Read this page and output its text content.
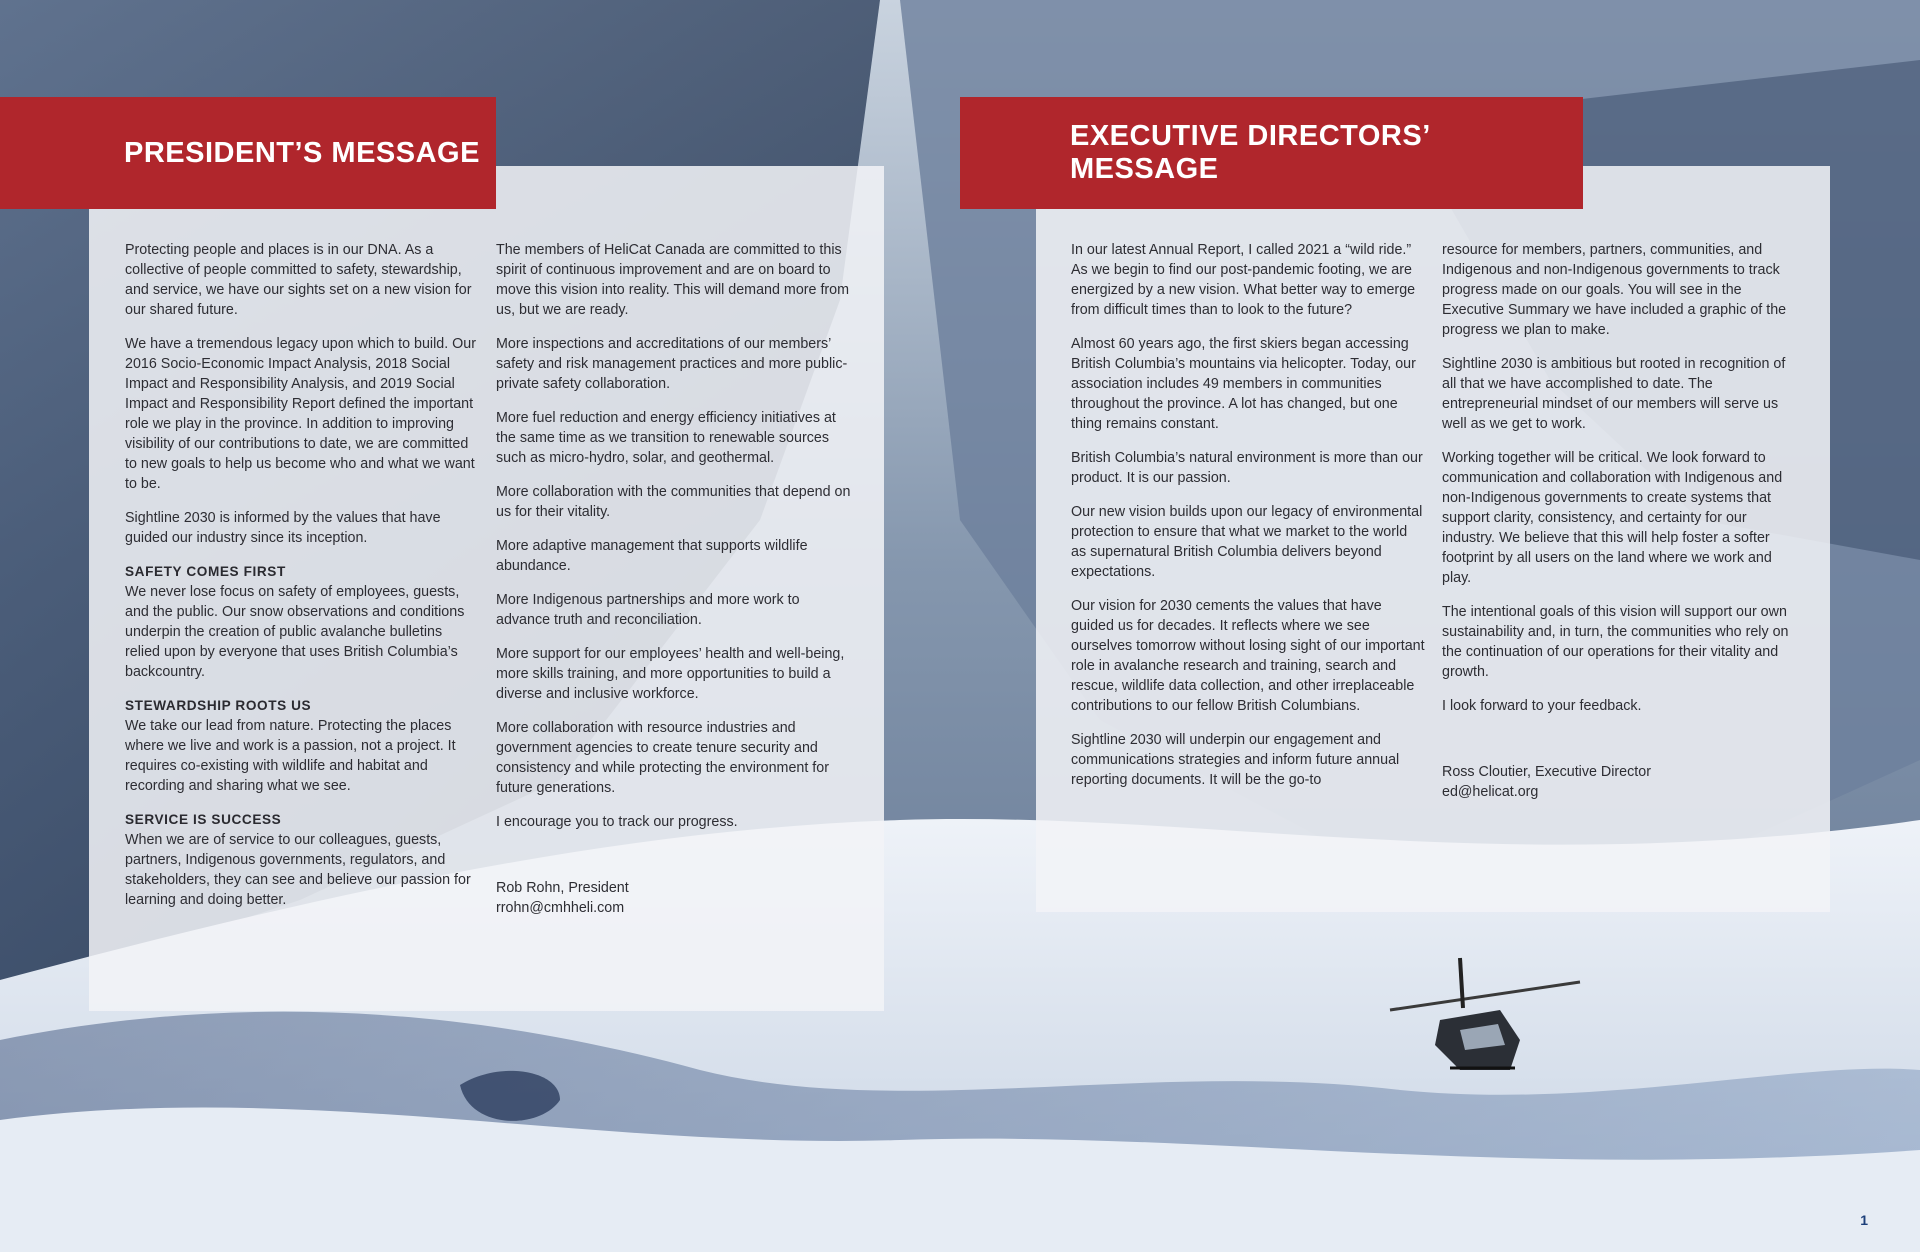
PRESIDENT’S MESSAGE

Protecting people and places is in our DNA. As a collective of people committed to safety, stewardship, and service, we have our sights set on a new vision for our shared future.

We have a tremendous legacy upon which to build. Our 2016 Socio-Economic Impact Analysis, 2018 Social Impact and Responsibility Analysis, and 2019 Social Impact and Responsibility Report defined the important role we play in the province. In addition to improving visibility of our contributions to date, we are committed to new goals to help us become who and what we want to be.

Sightline 2030 is informed by the values that have guided our industry since its inception.

SAFETY COMES FIRST

We never lose focus on safety of employees, guests, and the public. Our snow observations and conditions underpin the creation of public avalanche bulletins relied upon by everyone that uses British Columbia’s backcountry.

STEWARDSHIP ROOTS US

We take our lead from nature. Protecting the places where we live and work is a passion, not a project. It requires co-existing with wildlife and habitat and recording and sharing what we see.

SERVICE IS SUCCESS

When we are of service to our colleagues, guests, partners, Indigenous governments, regulators, and stakeholders, they can see and believe our passion for learning and doing better.

The members of HeliCat Canada are committed to this spirit of continuous improvement and are on board to move this vision into reality. This will demand more from us, but we are ready.

More inspections and accreditations of our members’ safety and risk management practices and more public-private safety collaboration.

More fuel reduction and energy efficiency initiatives at the same time as we transition to renewable sources such as micro-hydro, solar, and geothermal.

More collaboration with the communities that depend on us for their vitality.

More adaptive management that supports wildlife abundance.

More Indigenous partnerships and more work to advance truth and reconciliation.

More support for our employees’ health and well-being, more skills training, and more opportunities to build a diverse and inclusive workforce.

More collaboration with resource industries and government agencies to create tenure security and consistency and while protecting the environment for future generations.

I encourage you to track our progress.

Rob Rohn, President
rrohn@cmhheli.com

EXECUTIVE DIRECTORS’ MESSAGE

In our latest Annual Report, I called 2021 a “wild ride.” As we begin to find our post-pandemic footing, we are energized by a new vision. What better way to emerge from difficult times than to look to the future?

Almost 60 years ago, the first skiers began accessing British Columbia’s mountains via helicopter. Today, our association includes 49 members in communities throughout the province. A lot has changed, but one thing remains constant.

British Columbia’s natural environment is more than our product. It is our passion.

Our new vision builds upon our legacy of environmental protection to ensure that what we market to the world as supernatural British Columbia delivers beyond expectations.

Our vision for 2030 cements the values that have guided us for decades. It reflects where we see ourselves tomorrow without losing sight of our important role in avalanche research and training, search and rescue, wildlife data collection, and other irreplaceable contributions to our fellow British Columbians.

Sightline 2030 will underpin our engagement and communications strategies and inform future annual reporting documents. It will be the go-to

resource for members, partners, communities, and Indigenous and non-Indigenous governments to track progress made on our goals. You will see in the Executive Summary we have included a graphic of the progress we plan to make.

Sightline 2030 is ambitious but rooted in recognition of all that we have accomplished to date. The entrepreneurial mindset of our members will serve us well as we get to work.

Working together will be critical. We look forward to communication and collaboration with Indigenous and non-Indigenous governments to create systems that support clarity, consistency, and certainty for our industry. We believe that this will help foster a softer footprint by all users on the land where we work and play.

The intentional goals of this vision will support our own sustainability and, in turn, the communities who rely on the continuation of our operations for their vitality and growth.

I look forward to your feedback.

Ross Cloutier, Executive Director
ed@helicat.org

1
